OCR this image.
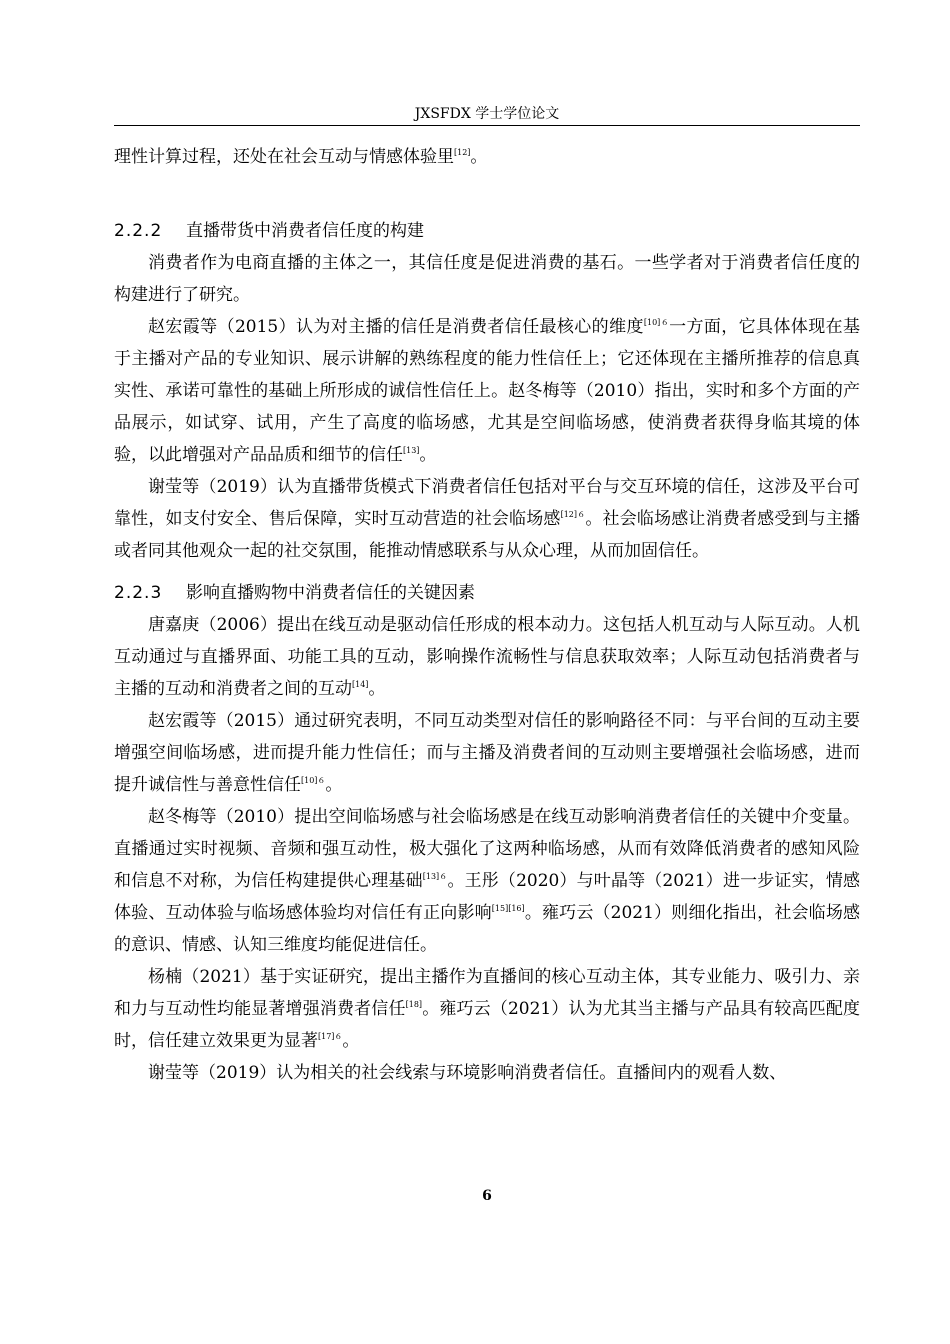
JXSFDX 学士学位论文

理性计算过程，还处在社会互动与情感体验里[12]。

2.2.2 直播带货中消费者信任度的构建

消费者作为电商直播的主体之一，其信任度是促进消费的基石。一些学者对于消费者信任度的构建进行了研究。

赵宏霞等（2015）认为对主播的信任是消费者信任最核心的维度$^{[10]6}$一方面，它具体体现在基于主播对产品的专业知识、展示讲解的熟练程度的能力性信任上；它还体现在主播所推荐的信息真实性、承诺可靠性的基础上所形成的诚信性信任上。赵冬梅等（2010）指出，实时和多个方面的产品展示，如试穿、试用，产生了高度的临场感，尤其是空间临场感，使消费者获得身临其境的体验，以此增强对产品品质和细节的信任[13]。

谢莹等（2019）认为直播带货模式下消费者信任包括对平台与交互环境的信任，这涉及平台可靠性，如支付安全、售后保障，实时互动营造的社会临场感$^{[12]6}$。社会临场感让消费者感受到与主播或者同其他观众一起的社交氛围，能推动情感联系与从众心理，从而加固信任。

2.2.3 影响直播购物中消费者信任的关键因素

唐嘉庚（2006）提出在线互动是驱动信任形成的根本动力。这包括人机互动与人际互动。人机互动通过与直播界面、功能工具的互动，影响操作流畅性与信息获取效率；人际互动包括消费者与主播的互动和消费者之间的互动[14]。

赵宏霞等（2015）通过研究表明，不同互动类型对信任的影响路径不同：与平台间的互动主要增强空间临场感，进而提升能力性信任；而与主播及消费者间的互动则主要增强社会临场感，进而提升诚信性与善意性信任$^{[10]6}$。

赵冬梅等（2010）提出空间临场感与社会临场感是在线互动影响消费者信任的关键中介变量。直播通过实时视频、音频和强互动性，极大强化了这两种临场感，从而有效降低消费者的感知风险和信息不对称，为信任构建提供心理基础$^{[13]6}$。王彤（2020）与叶晶等（2021）进一步证实，情感体验、互动体验与临场感体验均对信任有正向影响[15][16]。雍巧云（2021）则细化指出，社会临场感的意识、情感、认知三维度均能促进信任。

杨楠（2021）基于实证研究，提出主播作为直播间的核心互动主体，其专业能力、吸引力、亲和力与互动性均能显著增强消费者信任[18]。雍巧云（2021）认为尤其当主播与产品具有较高匹配度时，信任建立效果更为显著$^{[17]6}$。

谢莹等（2019）认为相关的社会线索与环境影响消费者信任。直播间内的观看人数、

6
